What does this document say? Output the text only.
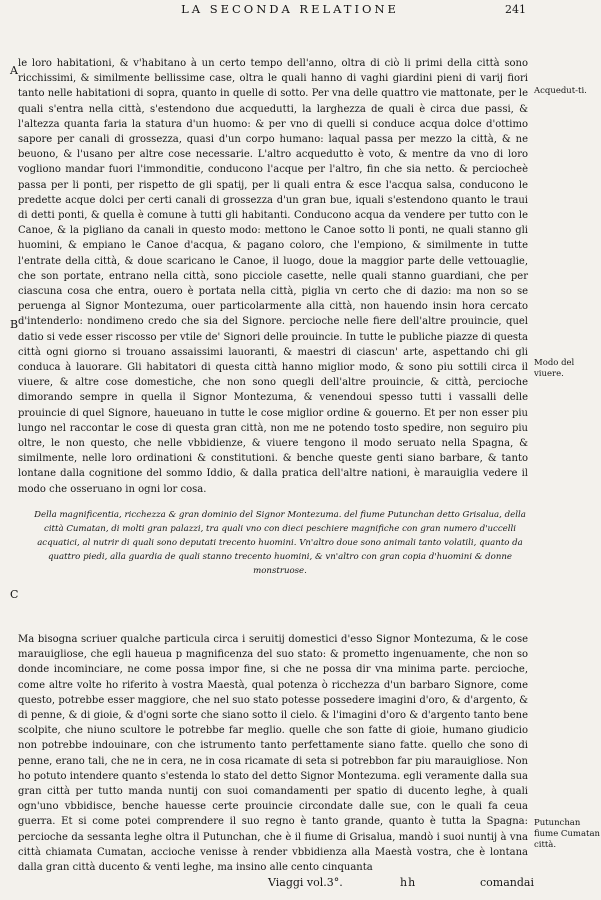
LA SECONDA RELATIONE	241
A
B
C
Acquedut-ti.
Modo del viuere.
Putunchan fiume Cumatan città.

le loro habitationi, & v'habitano à un certo tempo dell'anno, oltra di ciò li primi della città sono ricchissimi, & similmente bellissime case, oltra le quali hanno di vaghi giardini pieni di varij fiori tanto nelle habitationi di sopra, quanto in quelle di sotto. Per vna delle quattro vie mattonate, per le quali s'entra nella città, s'estendono due acquedutti, la larghezza de quali è circa due passi, & l'altezza quanta faria la statura d'un huomo: & per vno di quelli si conduce acqua dolce d'ottimo sapore per canali di grossezza, quasi d'un corpo humano: laqual passa per mezzo la città, & ne beuono, & l'usano per altre cose necessarie. L'altro acquedutto è voto, & mentre da vno di loro vogliono mandar fuori l'immonditie, conducono l'acque per l'altro, fin che sia netto. & perciocheè passa per li ponti, per rispetto de gli spatij, per li quali entra & esce l'acqua salsa, conducono le predette acque dolci per certi canali di grossezza d'un gran bue, iquali s'estendono quanto le traui di detti ponti, & quella è comune à tutti gli habitanti. Conducono acqua da vendere per tutto con le Canoe, & la pigliano da canali in questo modo: mettono le Canoe sotto li ponti, ne quali stanno gli huomini, & empiano le Canoe d'acqua, & pagano coloro, che l'empiono, & similmente in tutte l'entrate della città, & doue scaricano le Canoe, il luogo, doue la maggior parte delle vettouaglie, che son portate, entrano nella città, sono picciole casette, nelle quali stanno guardiani, che per ciascuna cosa che entra, ouero è portata nella città, piglia vn certo che di dazio: ma non so se peruenga al Signor Montezuma, ouer particolarmente alla città, non hauendo insin hora cercato d'intenderlo: nondimeno credo che sia del Signore. percioche nelle fiere dell'altre prouincie, quel datio si vede esser riscosso per vtile de' Signori delle prouincie. In tutte le publiche piazze di questa città ogni giorno si trouano assaissimi lauoranti, & maestri di ciascun' arte, aspettando chi gli conduca à lauorare. Gli habitatori di questa città hanno miglior modo, & sono piu sottili circa il viuere, & altre cose domestiche, che non sono quegli dell'altre prouincie, & città, percioche dimorando sempre in quella il Signor Montezuma, & venendoui spesso tutti i vassalli delle prouincie di quel Signore, haueuano in tutte le cose miglior ordine & gouerno. Et per non esser piu lungo nel raccontar le cose di questa gran città, non me ne potendo tosto spedire, non seguiro piu oltre, le non questo, che nelle vbbidienze, & viuere tengono il modo seruato nella Spagna, & similmente, nelle loro ordinationi & constitutioni. & benche queste genti siano barbare, & tanto lontane dalla cognitione del sommo Iddio, & dalla pratica dell'altre nationi, è marauiglia vedere il modo che osseruano in ogni lor cosa.

Della magnificentia, ricchezza & gran dominio del Signor Montezuma. del fiume Putunchan detto Grisalua, della città Cumatan, di molti gran palazzi, tra quali vno con dieci peschiere magnifiche con gran numero d'uccelli acquatici, al nutrir di quali sono deputati trecento huomini. Vn'altro doue sono animali tanto volatili, quanto da quattro piedi, alla guardia de quali stanno trecento huomini, & vn'altro con gran copia d'huomini & donne monstruose.

Ma bisogna scriuer qualche particula circa i seruitij domestici d'esso Signor Montezuma, & le cose marauigliose, che egli haueua p magnificenza del suo stato: & prometto ingenuamente, che non so donde incominciare, ne come possa impor fine, si che ne possa dir vna minima parte. percioche, come altre volte ho riferito à vostra Maestà, qual potenza ò ricchezza d'un barbaro Signore, come questo, potrebbe esser maggiore, che nel suo stato potesse possedere imagini d'oro, & d'argento, & di penne, & di gioie, & d'ogni sorte che siano sotto il cielo. & l'imagini d'oro & d'argento tanto bene scolpite, che niuno scultore le potrebbe far meglio. quelle che son fatte di gioie, humano giudicio non potrebbe indouinare, con che istrumento tanto perfettamente siano fatte. quello che sono di penne, erano tali, che ne in cera, ne in cosa ricamate di seta si potrebbon far piu marauigliose. Non ho potuto intendere quanto s'estenda lo stato del detto Signor Montezuma. egli veramente dalla sua gran città per tutto manda nuntij con suoi comandamenti per spatio di ducento leghe, à quali ogn'uno vbbidisce, benche hauesse certe prouincie circondate dalle sue, con le quali fa ceua guerra. Et si come potei comprendere il suo regno è tanto grande, quanto è tutta la Spagna: percioche da sessanta leghe oltra il Putunchan, che è il fiume di Grisalua, mandò i suoi nuntij à vna città chiamata Cumatan, accioche venisse à render vbbidienza alla Maestà vostra, che è lontana dalla gran città ducento & venti leghe, ma insino alle cento cinquanta

Viaggi vol.3°.	hh	comandai
